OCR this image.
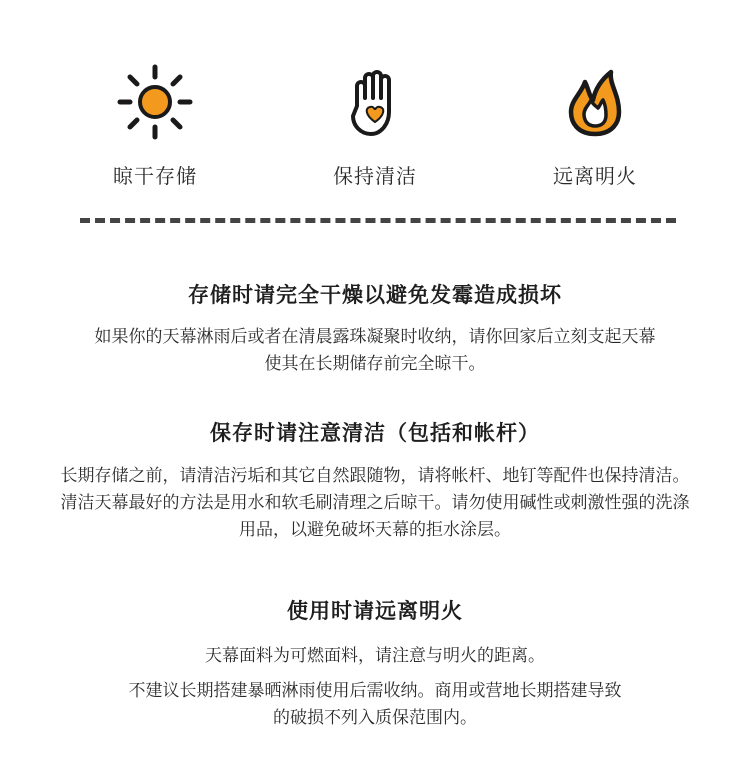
晾干存储	保持清洁	远离明火
存储时请完全干燥以避免发霉造成损坏

如果你的天幕淋雨后或者在清晨露珠凝聚时收纳，请你回家后立刻支起天幕

使其在长期储存前完全晾干。

保存时请注意清洁（包括和帐杆）

长期存储之前，请清洁污垢和其它自然跟随物，请将帐杆、地钉等配件也保持清洁。清洁天幕最好的方法是用水和软毛刷清理之后晾干。请勿使用碱性或刺激性强的洗涤用品，以避免破坏天幕的拒水涂层。

使用时请远离明火

天幕面料为可燃面料，请注意与明火的距离。

不建议长期搭建暴晒淋雨使用后需收纳。商用或营地长期搭建导致

的破损不列入质保范围内。
